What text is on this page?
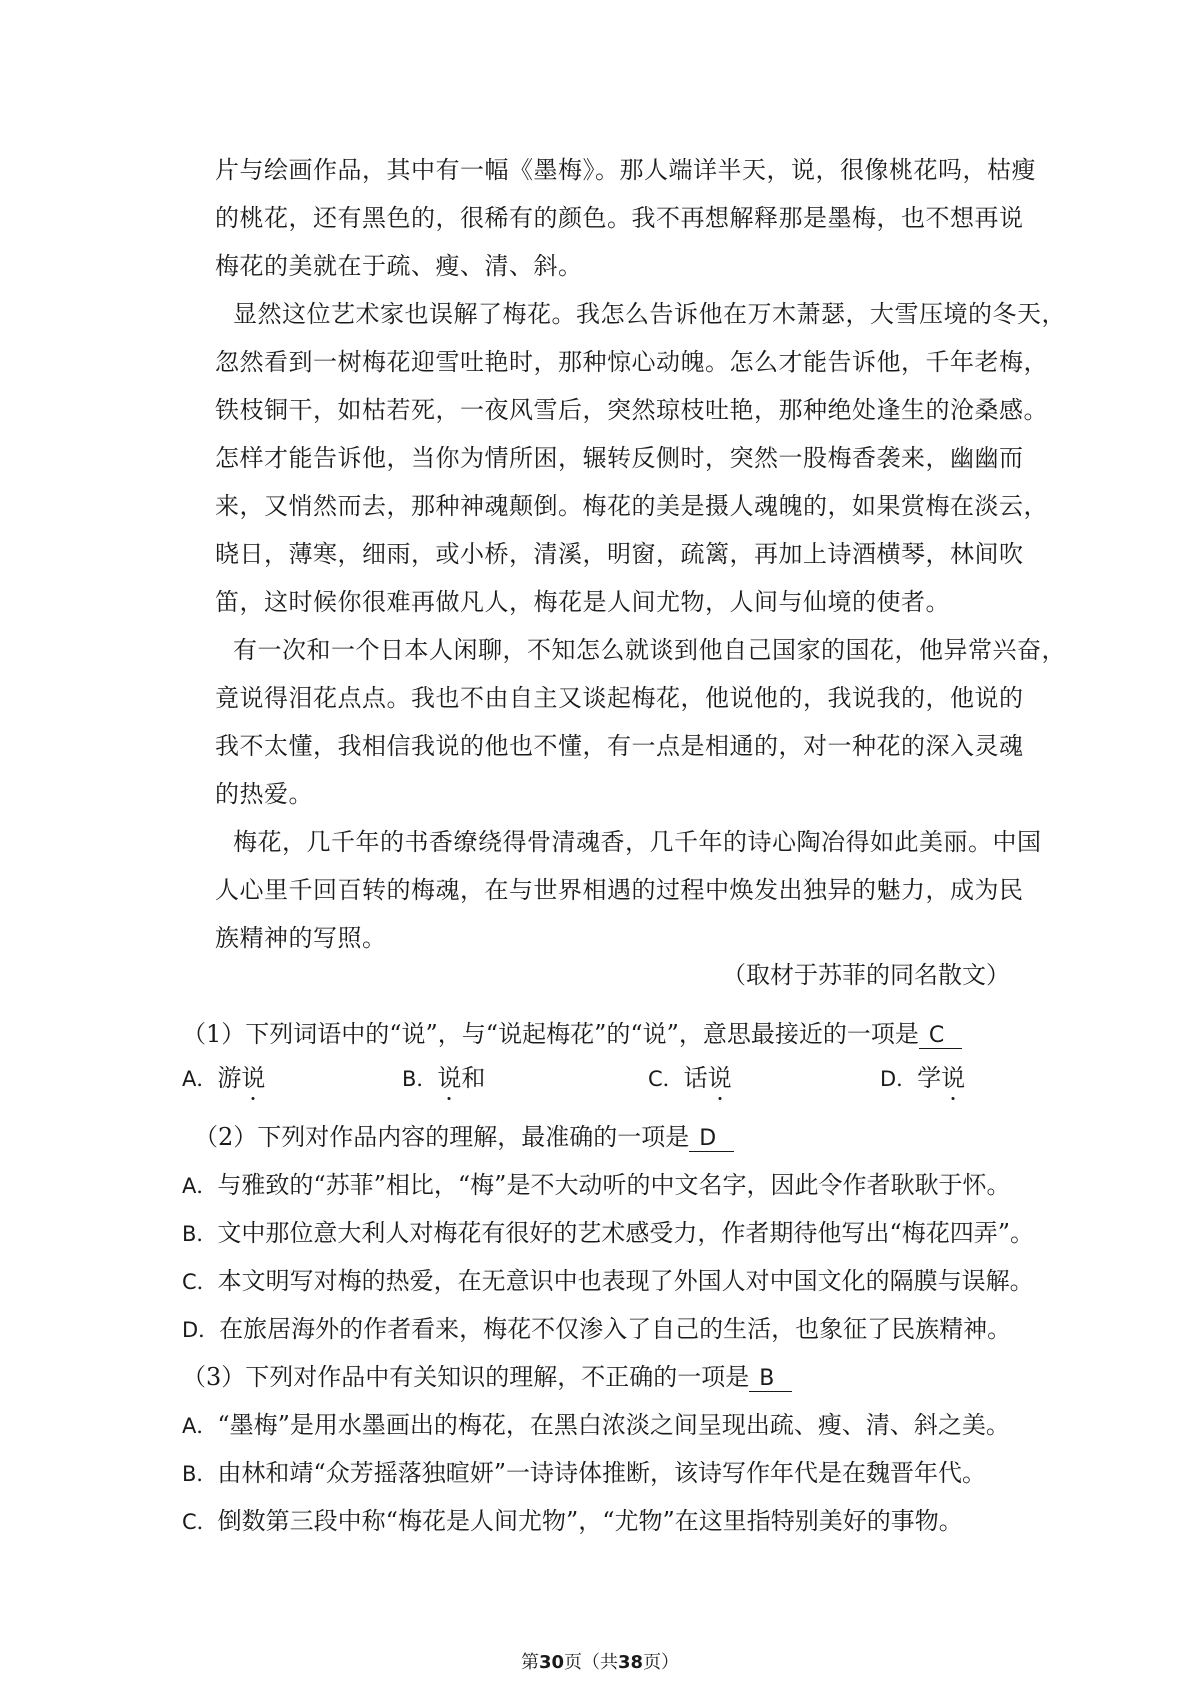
片与绘画作品，其中有一幅《墨梅》。那人端详半天，说，很像桃花吗，枯瘦
的桃花，还有黑色的，很稀有的颜色。我不再想解释那是墨梅，也不想再说
梅花的美就在于疏、瘦、清、斜。
显然这位艺术家也误解了梅花。我怎么告诉他在万木萧瑟，大雪压境的冬天，
忽然看到一树梅花迎雪吐艳时，那种惊心动魄。怎么才能告诉他，千年老梅，
铁枝铜干，如枯若死，一夜风雪后，突然琼枝吐艳，那种绝处逢生的沧桑感。
怎样才能告诉他，当你为情所困，辗转反侧时，突然一股梅香袭来，幽幽而
来，又悄然而去，那种神魂颠倒。梅花的美是摄人魂魄的，如果赏梅在淡云，
晓日，薄寒，细雨，或小桥，清溪，明窗，疏篱，再加上诗酒横琴，林间吹
笛，这时候你很难再做凡人，梅花是人间尤物，人间与仙境的使者。
有一次和一个日本人闲聊，不知怎么就谈到他自己国家的国花，他异常兴奋，
竟说得泪花点点。我也不由自主又谈起梅花，他说他的，我说我的，他说的
我不太懂，我相信我说的他也不懂，有一点是相通的，对一种花的深入灵魂
的热爱。
梅花，几千年的书香缭绕得骨清魂香，几千年的诗心陶冶得如此美丽。中国
人心里千回百转的梅魂，在与世界相遇的过程中焕发出独异的魅力，成为民
族精神的写照。
（取材于苏菲的同名散文）
（1）下列词语中的“说”，与“说起梅花”的“说”，意思最接近的一项是 C
A．游说	B．说和	C．话说	D．学说
（2）下列对作品内容的理解，最准确的一项是 D
A．与雅致的“苏菲”相比，“梅”是不大动听的中文名字，因此令作者耿耿于怀。
B．文中那位意大利人对梅花有很好的艺术感受力，作者期待他写出“梅花四弄”。
C．本文明写对梅的热爱，在无意识中也表现了外国人对中国文化的隔膜与误解。
D．在旅居海外的作者看来，梅花不仅渗入了自己的生活，也象征了民族精神。
（3）下列对作品中有关知识的理解，不正确的一项是 B
A．“墨梅”是用水墨画出的梅花，在黑白浓淡之间呈现出疏、瘦、清、斜之美。
B．由林和靖“众芳摇落独暄妍”一诗诗体推断，该诗写作年代是在魏晋年代。
C．倒数第三段中称“梅花是人间尤物”，“尤物”在这里指特别美好的事物。
第30页（共38页）
